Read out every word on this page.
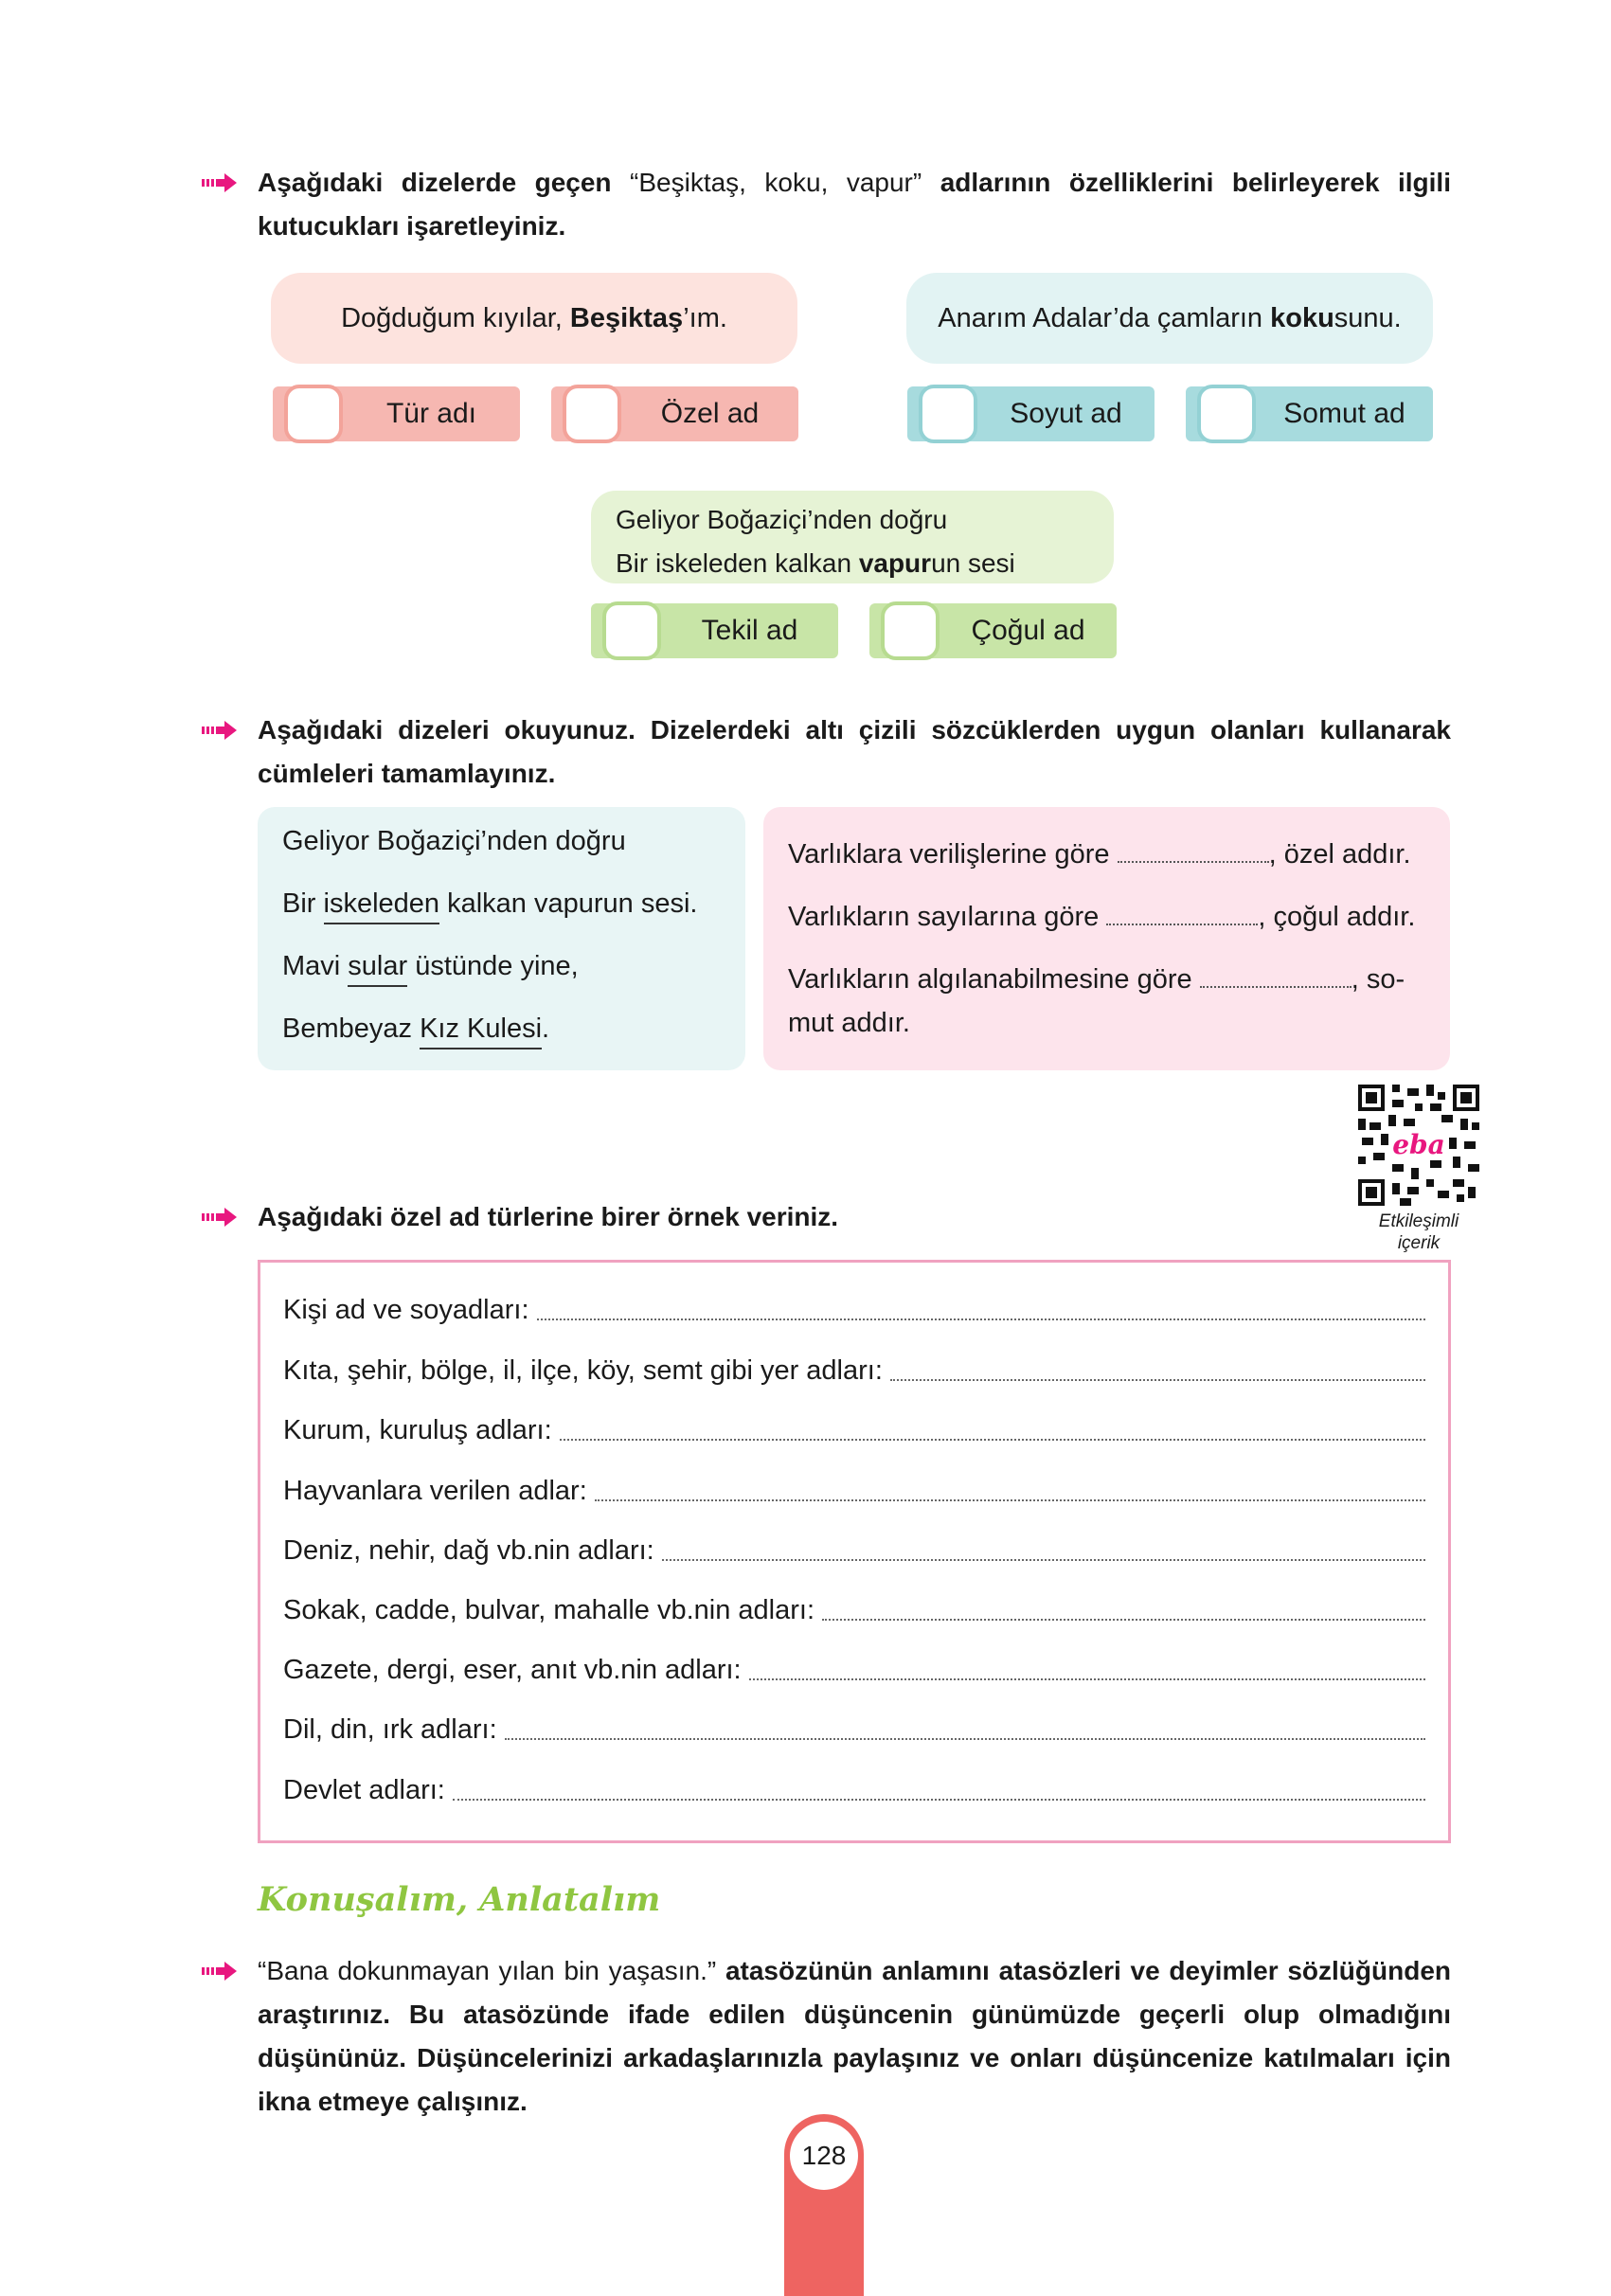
Aşağıdaki dizelerde geçen “Beşiktaş, koku, vapur” adlarının özelliklerini belirleyerek ilgili kutucukları işaretleyiniz.
Doğduğum kıyılar, Beşiktaş’ım.	Anarım Adalar’da çamların kokusunu.
Tür adı	Özel ad	Soyut ad	Somut ad
Geliyor Boğaziçi’nden doğru
Bir iskeleden kalkan vapurun sesi
Tekil ad	Çoğul ad
Aşağıdaki dizeleri okuyunuz. Dizelerdeki altı çizili sözcüklerden uygun olanları kullanarak cümleleri tamamlayınız.
Geliyor Boğaziçi’nden doğru
Bir iskeleden kalkan vapurun sesi.
Mavi sular üstünde yine,
Bembeyaz Kız Kulesi.
Varlıklara verilişlerine göre	, özel addır.
Varlıkların sayılarına göre	, çoğul addır.
Varlıkların algılanabilmesine göre	, so-
mut addır.
eba
Etkileşimli
içerik
Aşağıdaki özel ad türlerine birer örnek veriniz.
Kişi ad ve soyadları:
Kıta, şehir, bölge, il, ilçe, köy, semt gibi yer adları:
Kurum, kuruluş adları:
Hayvanlara verilen adlar:
Deniz, nehir, dağ vb.nin adları:
Sokak, cadde, bulvar, mahalle vb.nin adları:
Gazete, dergi, eser, anıt vb.nin adları:
Dil, din, ırk adları:
Devlet adları:
Konuşalım, Anlatalım
“Bana dokunmayan yılan bin yaşasın.” atasözünün anlamını atasözleri ve deyimler sözlüğünden araştırınız. Bu atasözünde ifade edilen düşüncenin günümüzde geçerli olup olmadığını düşününüz. Düşüncelerinizi arkadaşlarınızla paylaşınız ve onları düşüncenize katılmaları için ikna etmeye çalışınız.
128
